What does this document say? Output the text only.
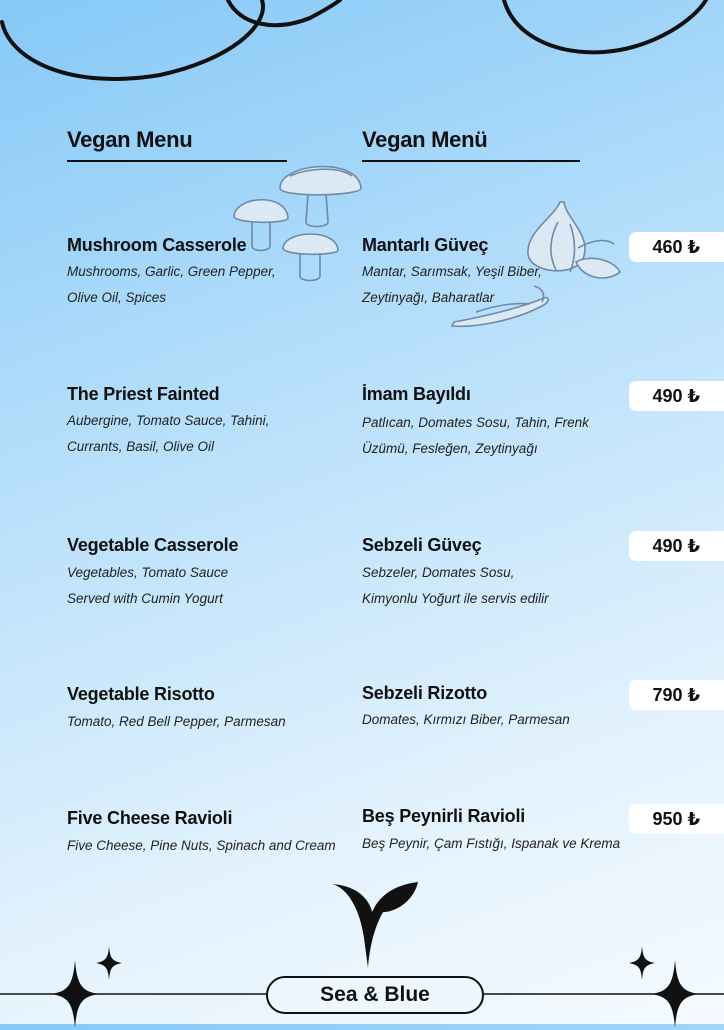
Vegan Menu	Vegan Menü
Mushroom Casserole
Mushrooms, Garlic, Green Pepper,
Olive Oil, Spices
Mantarlı Güveç
Mantar, Sarımsak, Yeşil Biber,
Zeytinyağı, Baharatlar
460 ₺
The Priest Fainted
Aubergine, Tomato Sauce, Tahini,
Currants, Basil, Olive Oil
İmam Bayıldı
Patlıcan, Domates Sosu, Tahin, Frenk
Üzümü, Fesleğen, Zeytinyağı
490 ₺
Vegetable Casserole
Vegetables, Tomato Sauce
Served with Cumin Yogurt
Sebzeli Güveç
Sebzeler, Domates Sosu,
Kimyonlu Yoğurt ile servis edilir
490 ₺
Vegetable Risotto
Tomato, Red Bell Pepper, Parmesan
Sebzeli Rizotto
Domates, Kırmızı Biber, Parmesan
790 ₺
Five Cheese Ravioli
Five Cheese, Pine Nuts, Spinach and Cream
Beş Peynirli Ravioli
Beş Peynir, Çam Fıstığı, Ispanak ve Krema
950 ₺
Sea & Blue
